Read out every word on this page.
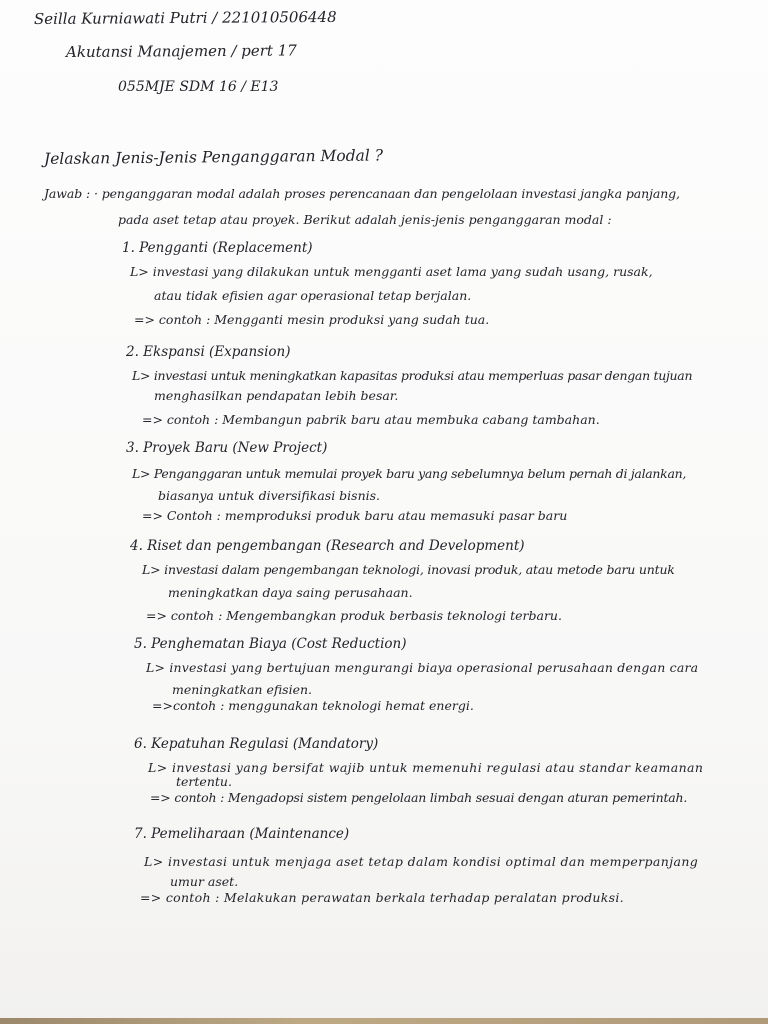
Seilla Kurniawati Putri / 221010506448
Akutansi Manajemen / pert 17
055MJE SDM 16 / E13
Jelaskan Jenis-Jenis Penganggaran Modal ?
Jawab : · penganggaran modal adalah proses perencanaan dan pengelolaan investasi jangka panjang,
pada aset tetap atau proyek. Berikut adalah jenis-jenis penganggaran modal :
1. Pengganti (Replacement)
L> investasi yang dilakukan untuk mengganti aset lama yang sudah usang, rusak,
atau tidak efisien agar operasional tetap berjalan.
=> contoh : Mengganti mesin produksi yang sudah tua.
2. Ekspansi (Expansion)
L> investasi untuk meningkatkan kapasitas produksi atau memperluas pasar dengan tujuan
menghasilkan pendapatan lebih besar.
=> contoh : Membangun pabrik baru atau membuka cabang tambahan.
3. Proyek Baru (New Project)
L> Penganggaran untuk memulai proyek baru yang sebelumnya belum pernah di jalankan,
biasanya untuk diversifikasi bisnis.
=> Contoh : memproduksi produk baru atau memasuki pasar baru
4. Riset dan pengembangan (Research and Development)
L> investasi dalam pengembangan teknologi, inovasi produk, atau metode baru untuk
meningkatkan daya saing perusahaan.
=> contoh : Mengembangkan produk berbasis teknologi terbaru.
5. Penghematan Biaya (Cost Reduction)
L> investasi yang bertujuan mengurangi biaya operasional perusahaan dengan cara
meningkatkan efisien.
=>contoh : menggunakan teknologi hemat energi.
6. Kepatuhan Regulasi (Mandatory)
L> investasi yang bersifat wajib untuk memenuhi regulasi atau standar keamanan
tertentu.
=> contoh : Mengadopsi sistem pengelolaan limbah sesuai dengan aturan pemerintah.
7. Pemeliharaan (Maintenance)
L> investasi untuk menjaga aset tetap dalam kondisi optimal dan memperpanjang
umur aset.
=> contoh : Melakukan perawatan berkala terhadap peralatan produksi.
